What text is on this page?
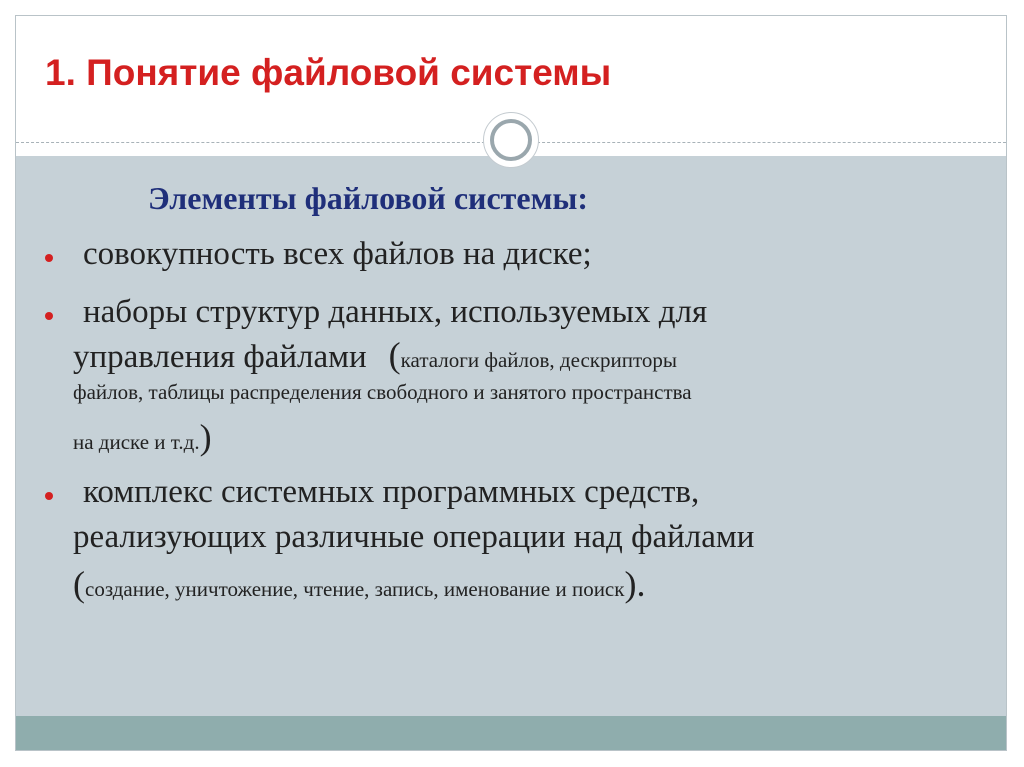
1. Понятие файловой системы
Элементы файловой системы:
совокупность всех файлов на диске;
наборы структур данных, используемых для
управления файлами (каталоги файлов, дескрипторы
файлов, таблицы распределения свободного и занятого пространства
на диске и т.д.)
комплекс системных программных средств,
реализующих различные операции над файлами
(создание, уничтожение, чтение, запись, именование и поиск).
